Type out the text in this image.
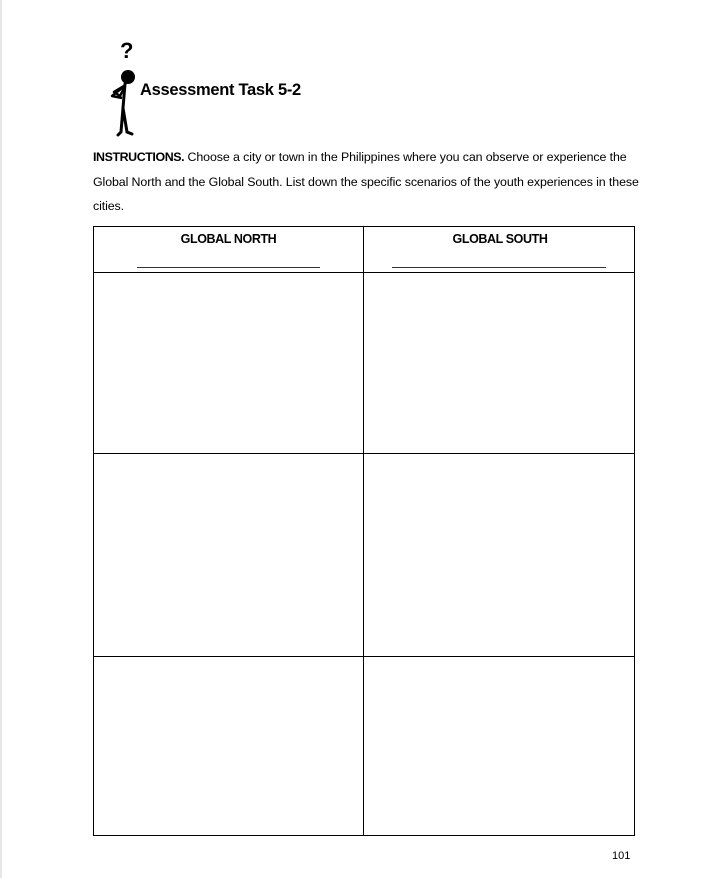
?
Assessment Task 5-2
INSTRUCTIONS. Choose a city or town in the Philippines where you can observe or experience the Global North and the Global South. List down the specific scenarios of the youth experiences in these cities.
GLOBAL NORTH	GLOBAL SOUTH
101
